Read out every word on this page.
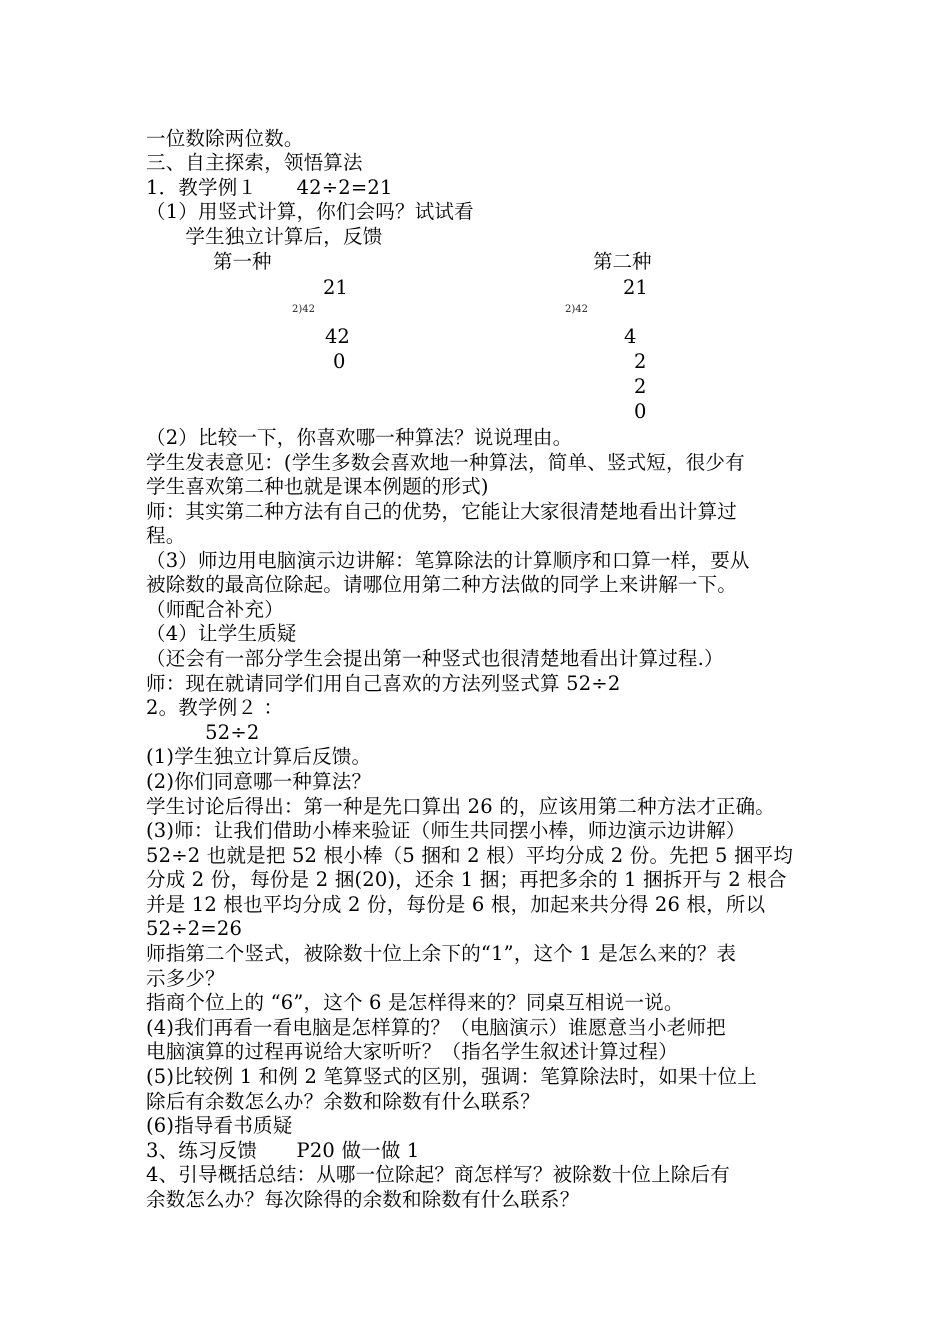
一位数除两位数。
三、自主探索，领悟算法
1．教学例１　　42÷2=21
（1）用竖式计算，你们会吗？试试看
　　学生独立计算后，反馈
第一种
21
2)42
42
0
第二种
21
2)42
4
2
2
0
（2）比较一下，你喜欢哪一种算法？说说理由。
学生发表意见：(学生多数会喜欢地一种算法，简单、竖式短，很少有
学生喜欢第二种也就是课本例题的形式)
师：其实第二种方法有自己的优势，它能让大家很清楚地看出计算过
程。
（3）师边用电脑演示边讲解：笔算除法的计算顺序和口算一样，要从
被除数的最高位除起。请哪位用第二种方法做的同学上来讲解一下。
（师配合补充）
（4）让学生质疑
（还会有一部分学生会提出第一种竖式也很清楚地看出计算过程.）
师：现在就请同学们用自己喜欢的方法列竖式算 52÷2
2。教学例２ ：
　　　52÷2
(1)学生独立计算后反馈。
(2)你们同意哪一种算法？
学生讨论后得出：第一种是先口算出 26 的，应该用第二种方法才正确。
(3)师：让我们借助小棒来验证（师生共同摆小棒，师边演示边讲解）
52÷2 也就是把 52 根小棒（5 捆和 2 根）平均分成 2 份。先把 5 捆平均
分成 2 份，每份是 2 捆(20)，还余 1 捆；再把多余的 1 捆拆开与 2 根合
并是 12 根也平均分成 2 份，每份是 6 根，加起来共分得 26 根，所以
52÷2=26
师指第二个竖式，被除数十位上余下的“1”，这个 1 是怎么来的？表
示多少？
指商个位上的 “6”，这个 6 是怎样得来的？同桌互相说一说。
(4)我们再看一看电脑是怎样算的？（电脑演示）谁愿意当小老师把
电脑演算的过程再说给大家听听？（指名学生叙述计算过程）
(5)比较例 1 和例 2 笔算竖式的区别，强调：笔算除法时，如果十位上
除后有余数怎么办？余数和除数有什么联系？
(6)指导看书质疑
3、练习反馈　　P20 做一做 1
4、引导概括总结：从哪一位除起？商怎样写？被除数十位上除后有
余数怎么办？每次除得的余数和除数有什么联系？
